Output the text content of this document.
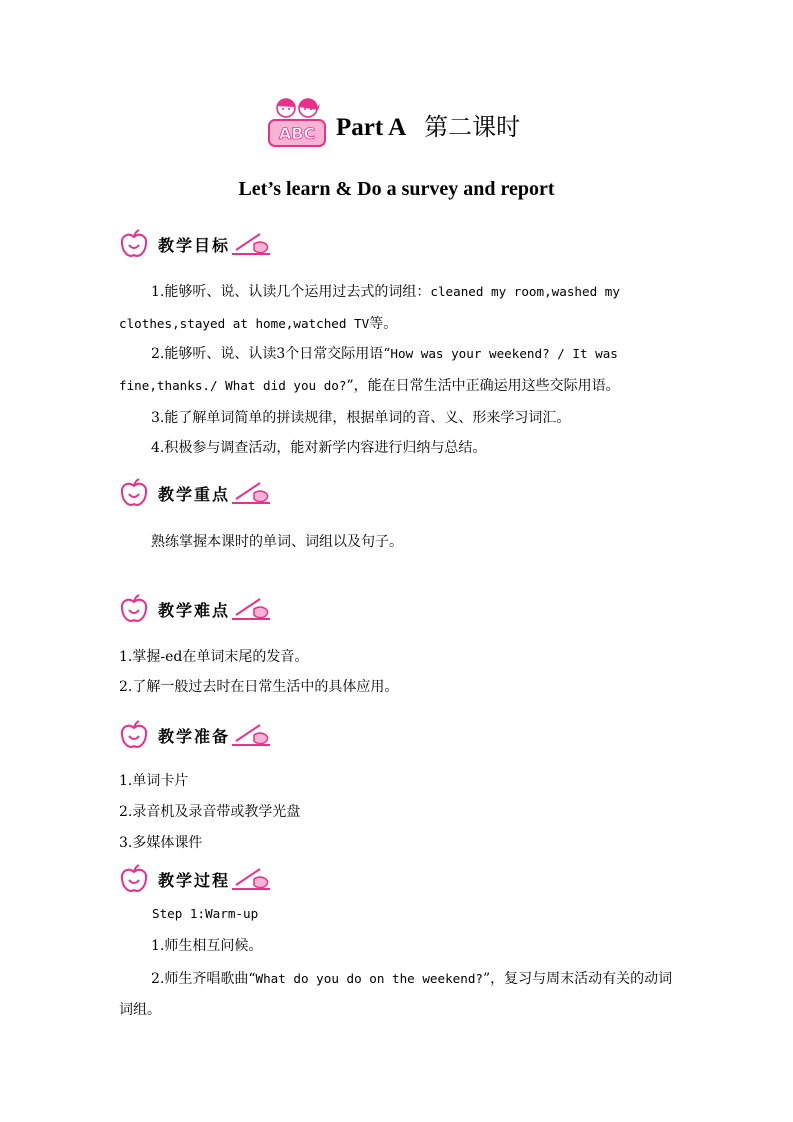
ABC Part A 第二课时
Let’s learn & Do a survey and report
教学目标
1.能够听、说、认读几个运用过去式的词组：cleaned my room,washed my clothes,stayed at home,watched TV等。
2.能够听、说、认读3个日常交际用语“How was your weekend? / It was fine,thanks./ What did you do?”，能在日常生活中正确运用这些交际用语。
3.能了解单词简单的拼读规律，根据单词的音、义、形来学习词汇。
4.积极参与调查活动，能对新学内容进行归纳与总结。
教学重点
熟练掌握本课时的单词、词组以及句子。
教学难点
1.掌握-ed在单词末尾的发音。
2.了解一般过去时在日常生活中的具体应用。
教学准备
1.单词卡片
2.录音机及录音带或教学光盘
3.多媒体课件
教学过程
Step 1:Warm-up
1.师生相互问候。
2.师生齐唱歌曲“What do you do on the weekend?”，复习与周末活动有关的动词词组。
